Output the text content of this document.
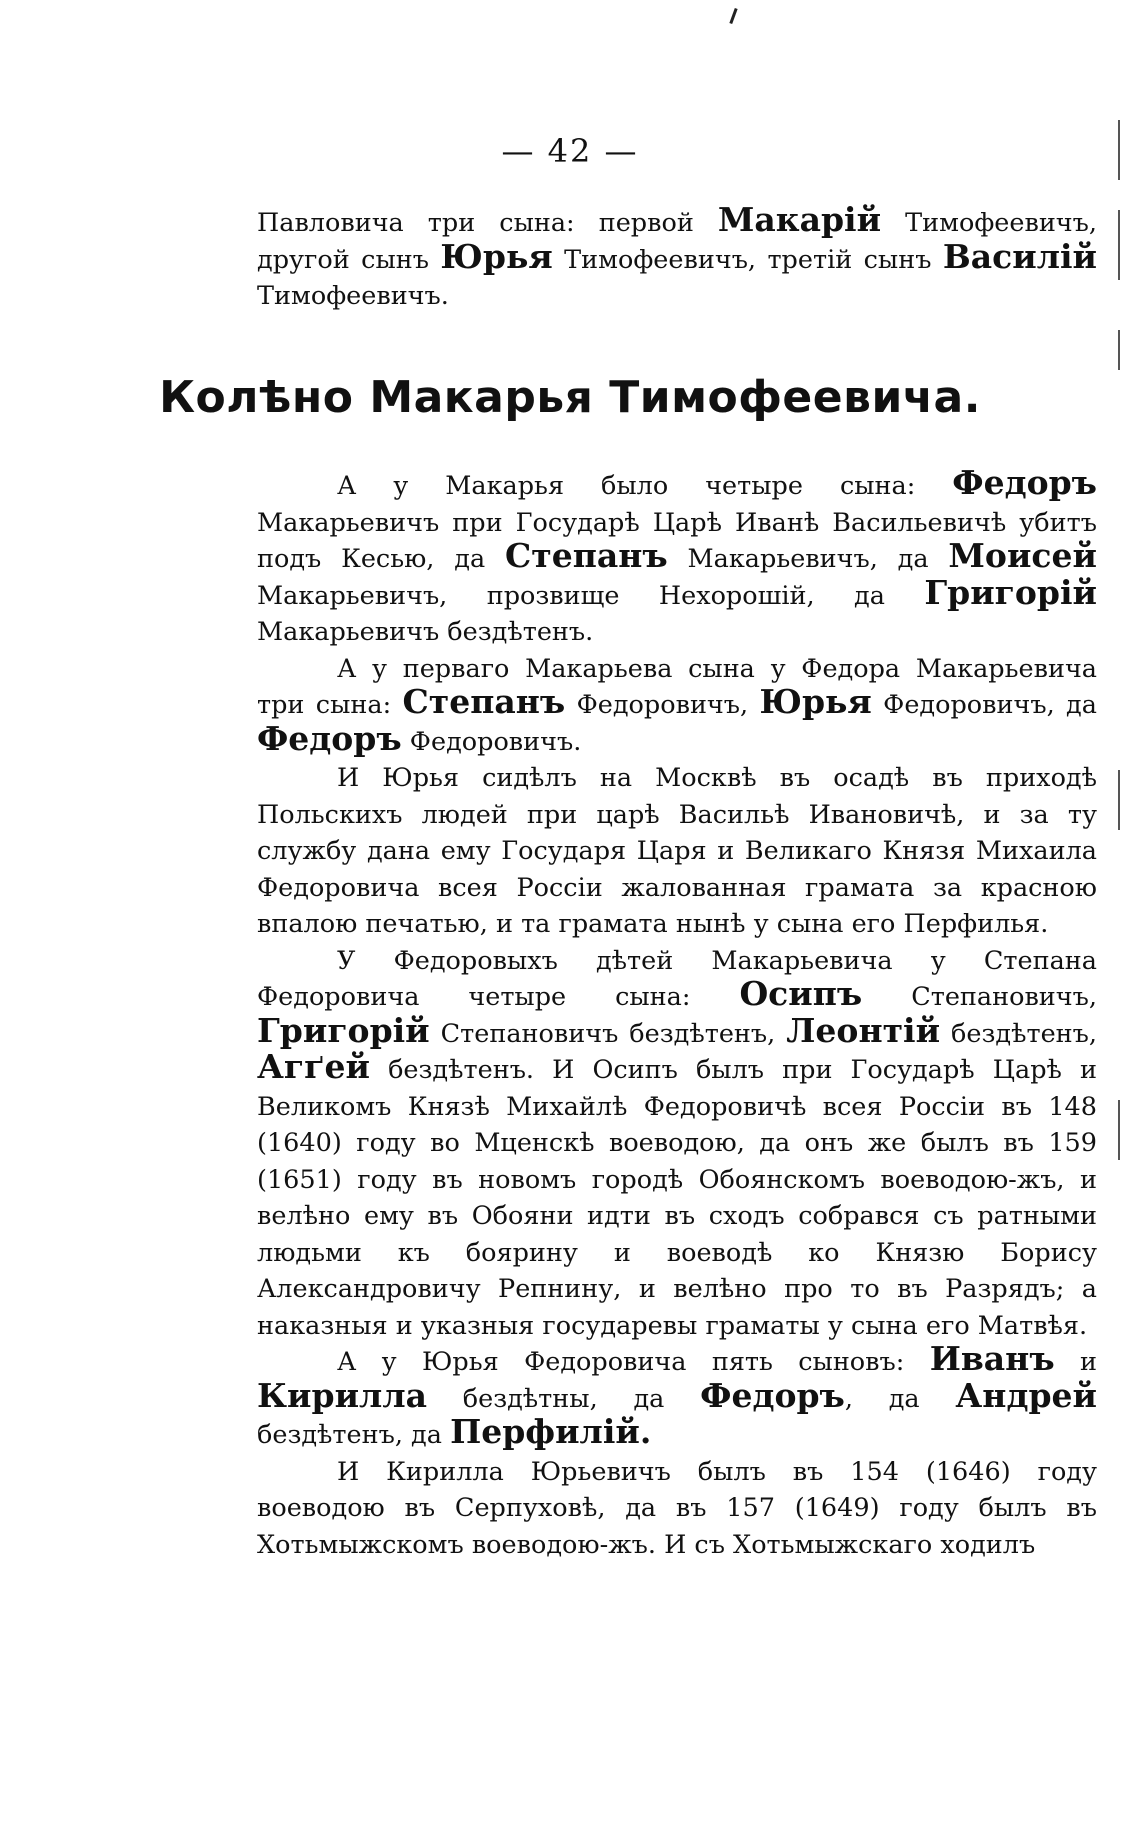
— 42 —

Павловича три сына: первой Макарій Тимофеевичъ, другой сынъ Юрья Тимофеевичъ, третій сынъ Василій Тимофеевичъ.

Колѣно Макарья Тимофеевича.

А у Макарья было четыре сына: Федоръ Макарьевичъ при Государѣ Царѣ Иванѣ Васильевичѣ убитъ подъ Кесью, да Степанъ Макарьевичъ, да Моисей Макарьевичъ, прозвище Нехорошій, да Григорій Макарьевичъ бездѣтенъ.

А у перваго Макарьева сына у Федора Макарьевича три сына: Степанъ Федоровичъ, Юрья Федоровичъ, да Федоръ Федоровичъ.

И Юрья сидѣлъ на Москвѣ въ осадѣ въ приходѣ Польскихъ людей при царѣ Васильѣ Ивановичѣ, и за ту службу дана ему Государя Царя и Великаго Князя Михаила Федоровича всея Россіи жалованная грамата за красною впалою печатью, и та грамата нынѣ у сына его Перфилья.

У Федоровыхъ дѣтей Макарьевича у Степана Федоровича четыре сына: Осипъ Степановичъ, Григорій Степановичъ бездѣтенъ, Леонтій бездѣтенъ, Агґей бездѣтенъ. И Осипъ былъ при Государѣ Царѣ и Великомъ Князѣ Михайлѣ Федоровичѣ всея Россіи въ 148 (1640) году во Мценскѣ воеводою, да онъ же былъ въ 159 (1651) году въ новомъ городѣ Обоянскомъ воеводою-жъ, и велѣно ему въ Обояни идти въ сходъ собрався съ ратными людьми къ боярину и воеводѣ ко Князю Борису Александровичу Репнину, и велѣно про то въ Разрядъ; а наказныя и указныя государевы граматы у сына его Матвѣя.

А у Юрья Федоровича пять сыновъ: Иванъ и Кирилла бездѣтны, да Федоръ, да Андрей бездѣтенъ, да Перфилій.

И Кирилла Юрьевичъ былъ въ 154 (1646) году воеводою въ Серпуховѣ, да въ 157 (1649) году былъ въ Хотьмыжскомъ воеводою-жъ. И съ Хотьмыжскаго ходилъ
